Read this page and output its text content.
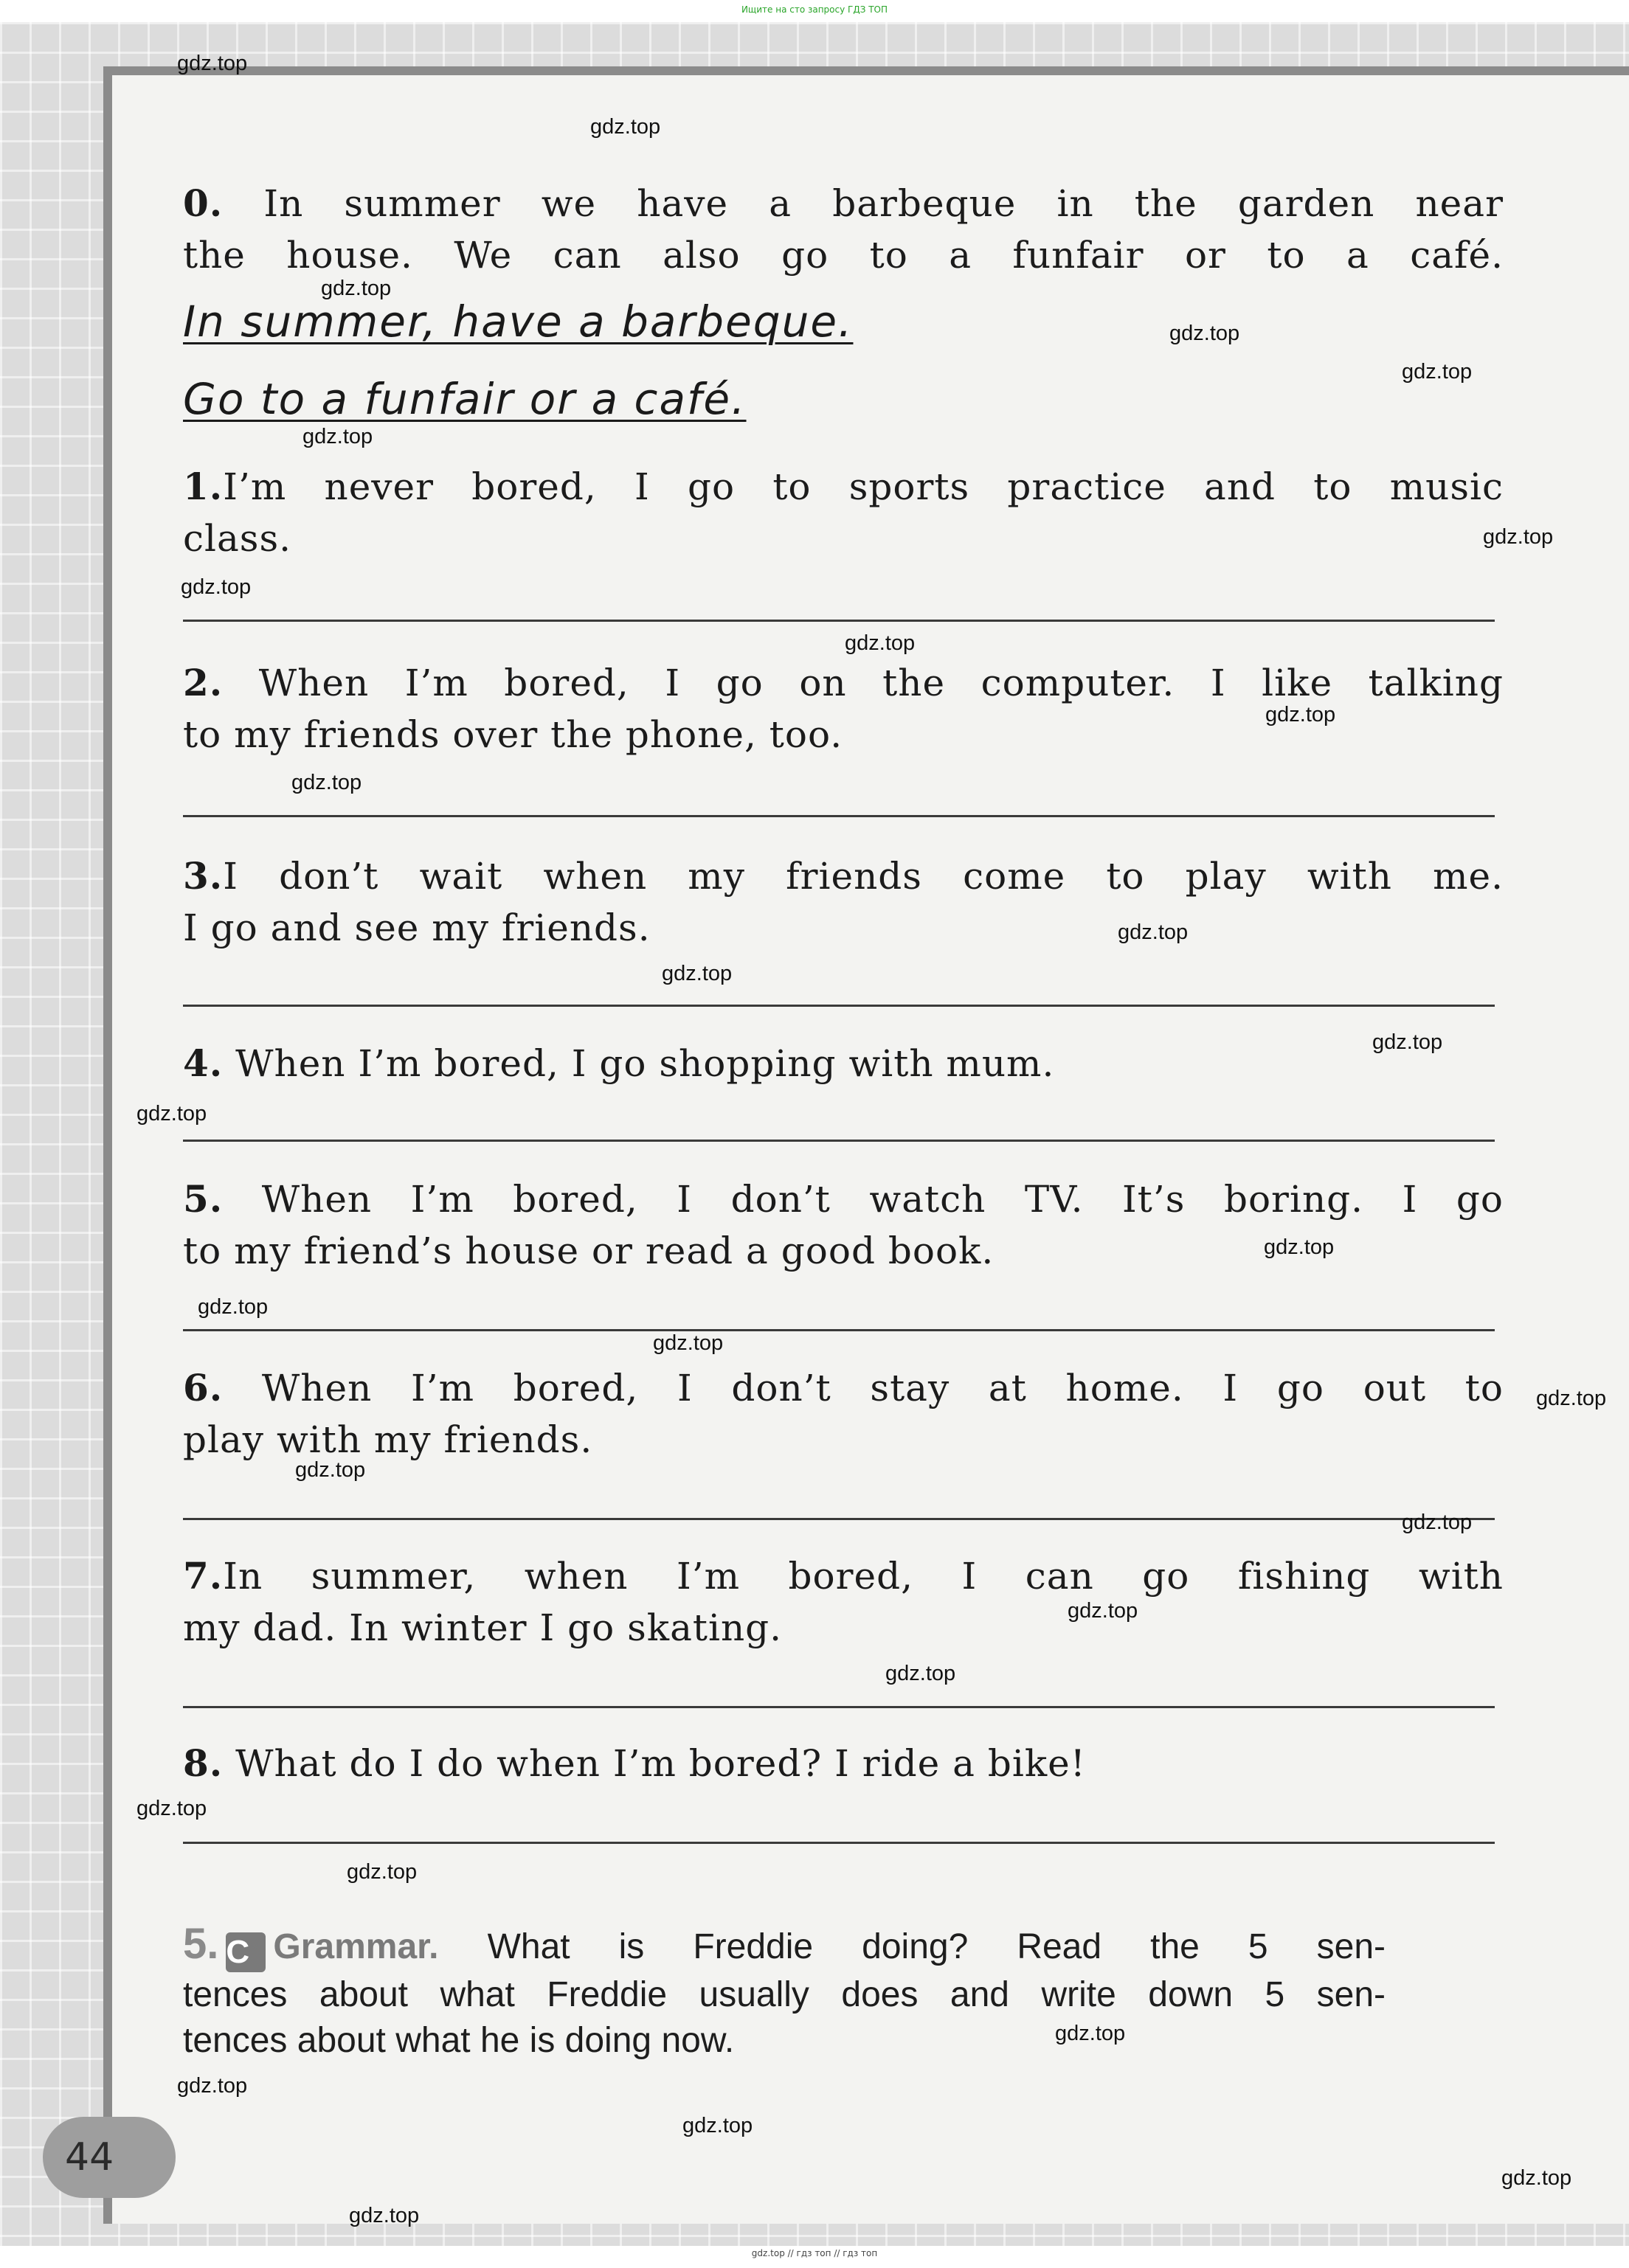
Ищите на сто запросу ГДЗ ТОП

0. In summer we have a barbeque in the garden near

the house. We can also go to a funfair or to a café.

In summer, have a barbeque.
Go to a funfair or a café.

1.I’m never bored, I go to sports practice and to music

class.

2. When I’m bored, I go on the computer. I like talking

to my friends over the phone, too.

3.I don’t wait when my friends come to play with me.

I go and see my friends.

4. When I’m bored, I go shopping with mum.

5. When I’m bored, I don’t watch TV. It’s boring. I go

to my friend’s house or read a good book.

6. When I’m bored, I don’t stay at home. I go out to

play with my friends.

7.In summer, when I’m bored, I can go fishing with

my dad. In winter I go skating.

8. What do I do when I’m bored? I ride a bike!

5. C Grammar. What is Freddie doing? Read the 5 sen-
tences about what Freddie usually does and write down 5 sen-
tences about what he is doing now.
44
gdz.top
gdz.top
gdz.top
gdz.top
gdz.top
gdz.top
gdz.top
gdz.top
gdz.top
gdz.top
gdz.top
gdz.top
gdz.top
gdz.top
gdz.top
gdz.top
gdz.top
gdz.top
gdz.top
gdz.top
gdz.top
gdz.top
gdz.top
gdz.top
gdz.top
gdz.top
gdz.top
gdz.top
gdz.top
gdz.top
gdz.top // гдз топ // гдз топ
